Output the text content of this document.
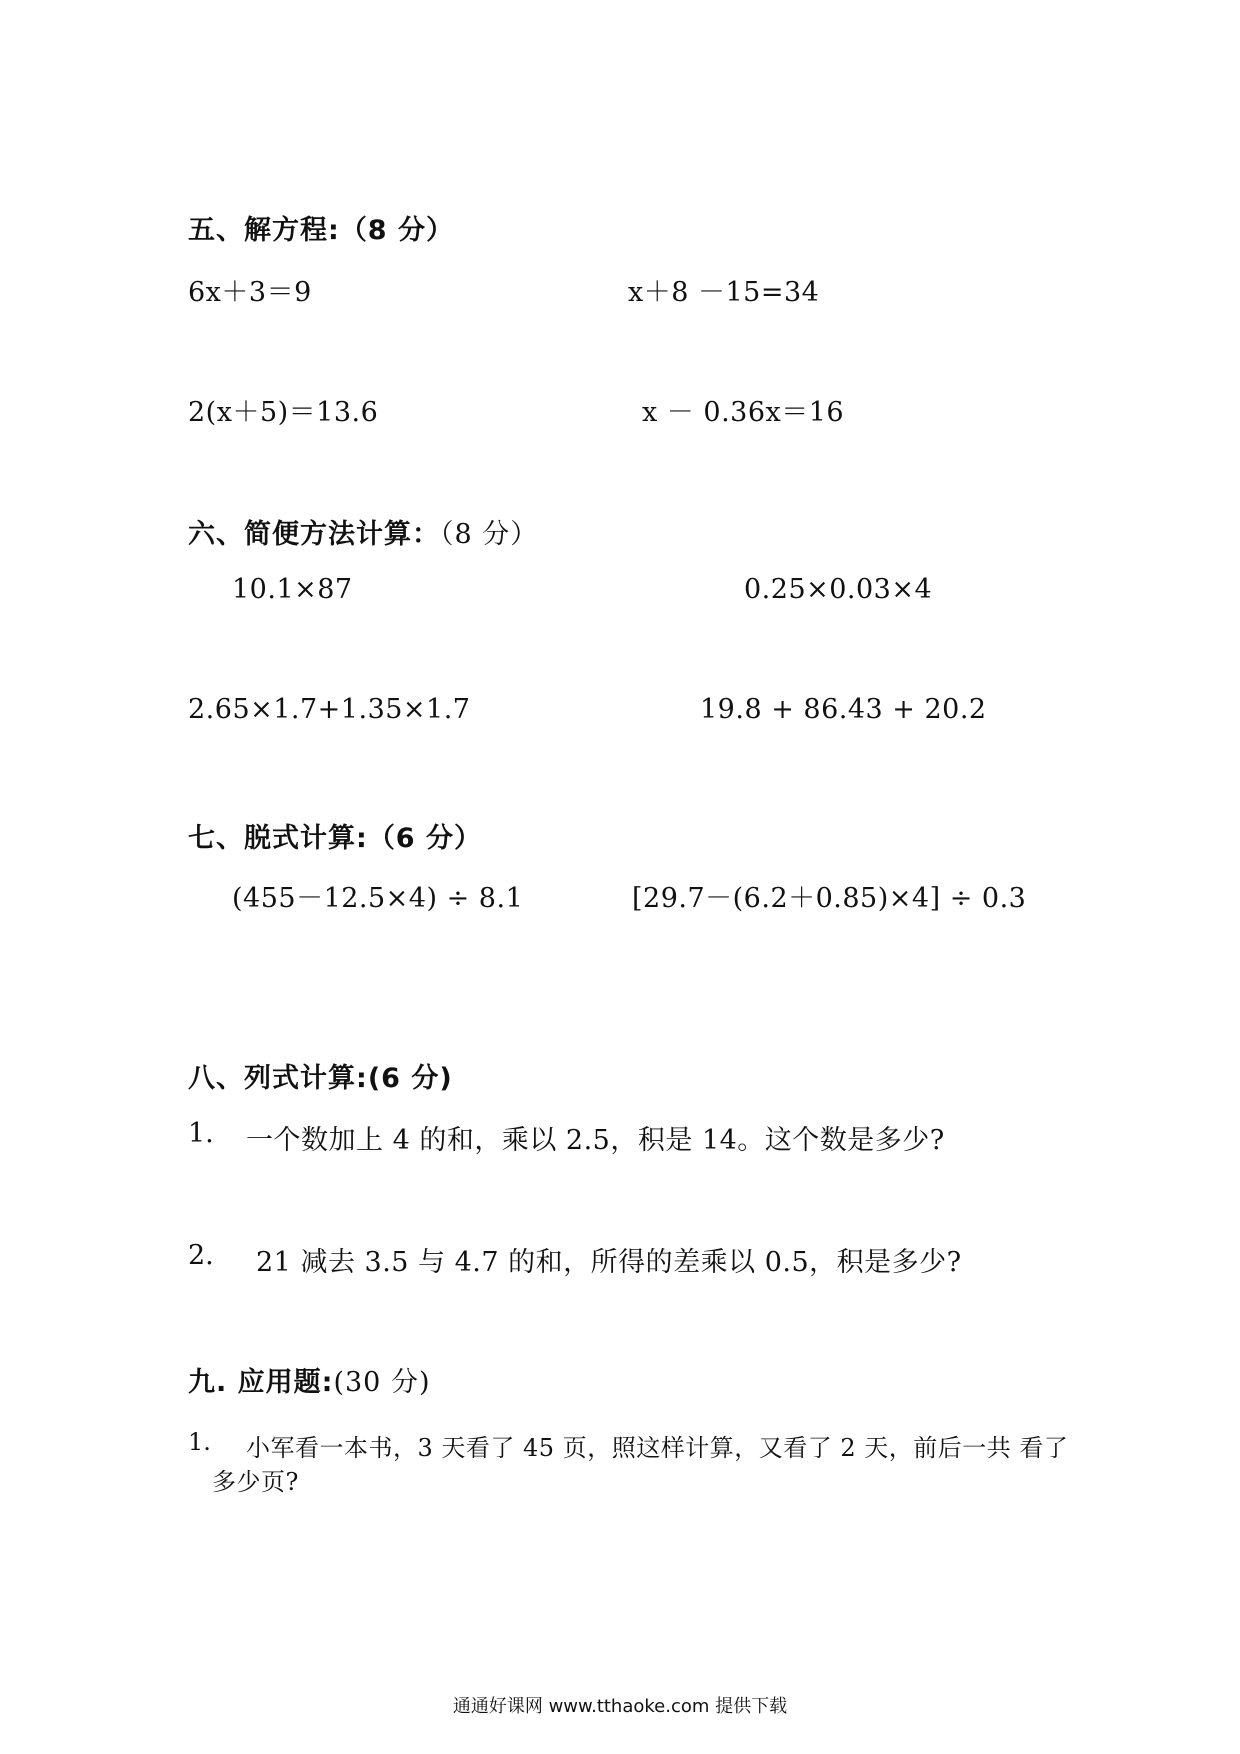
五、解方程:（8 分）
6x＋3＝9	x＋8 －15=34
2(x＋5)＝13.6	x － 0.36x＝16
六、简便方法计算：（8 分）
10.1×87	0.25×0.03×4
2.65×1.7+1.35×1.7	19.8 + 86.43 + 20.2
七、脱式计算:（6 分）
(455－12.5×4) ÷ 8.1	[29.7－(6.2＋0.85)×4] ÷ 0.3
八、列式计算:(6 分)
1. 一个数加上 4 的和，乘以 2.5，积是 14。这个数是多少?
2. 21 减去 3.5 与 4.7 的和，所得的差乘以 0.5，积是多少?
九. 应用题:(30 分)
1. 小军看一本书，3 天看了 45 页，照这样计算，又看了 2 天，前后一共 看了
多少页?
通通好课网 www.tthaoke.com 提供下载
